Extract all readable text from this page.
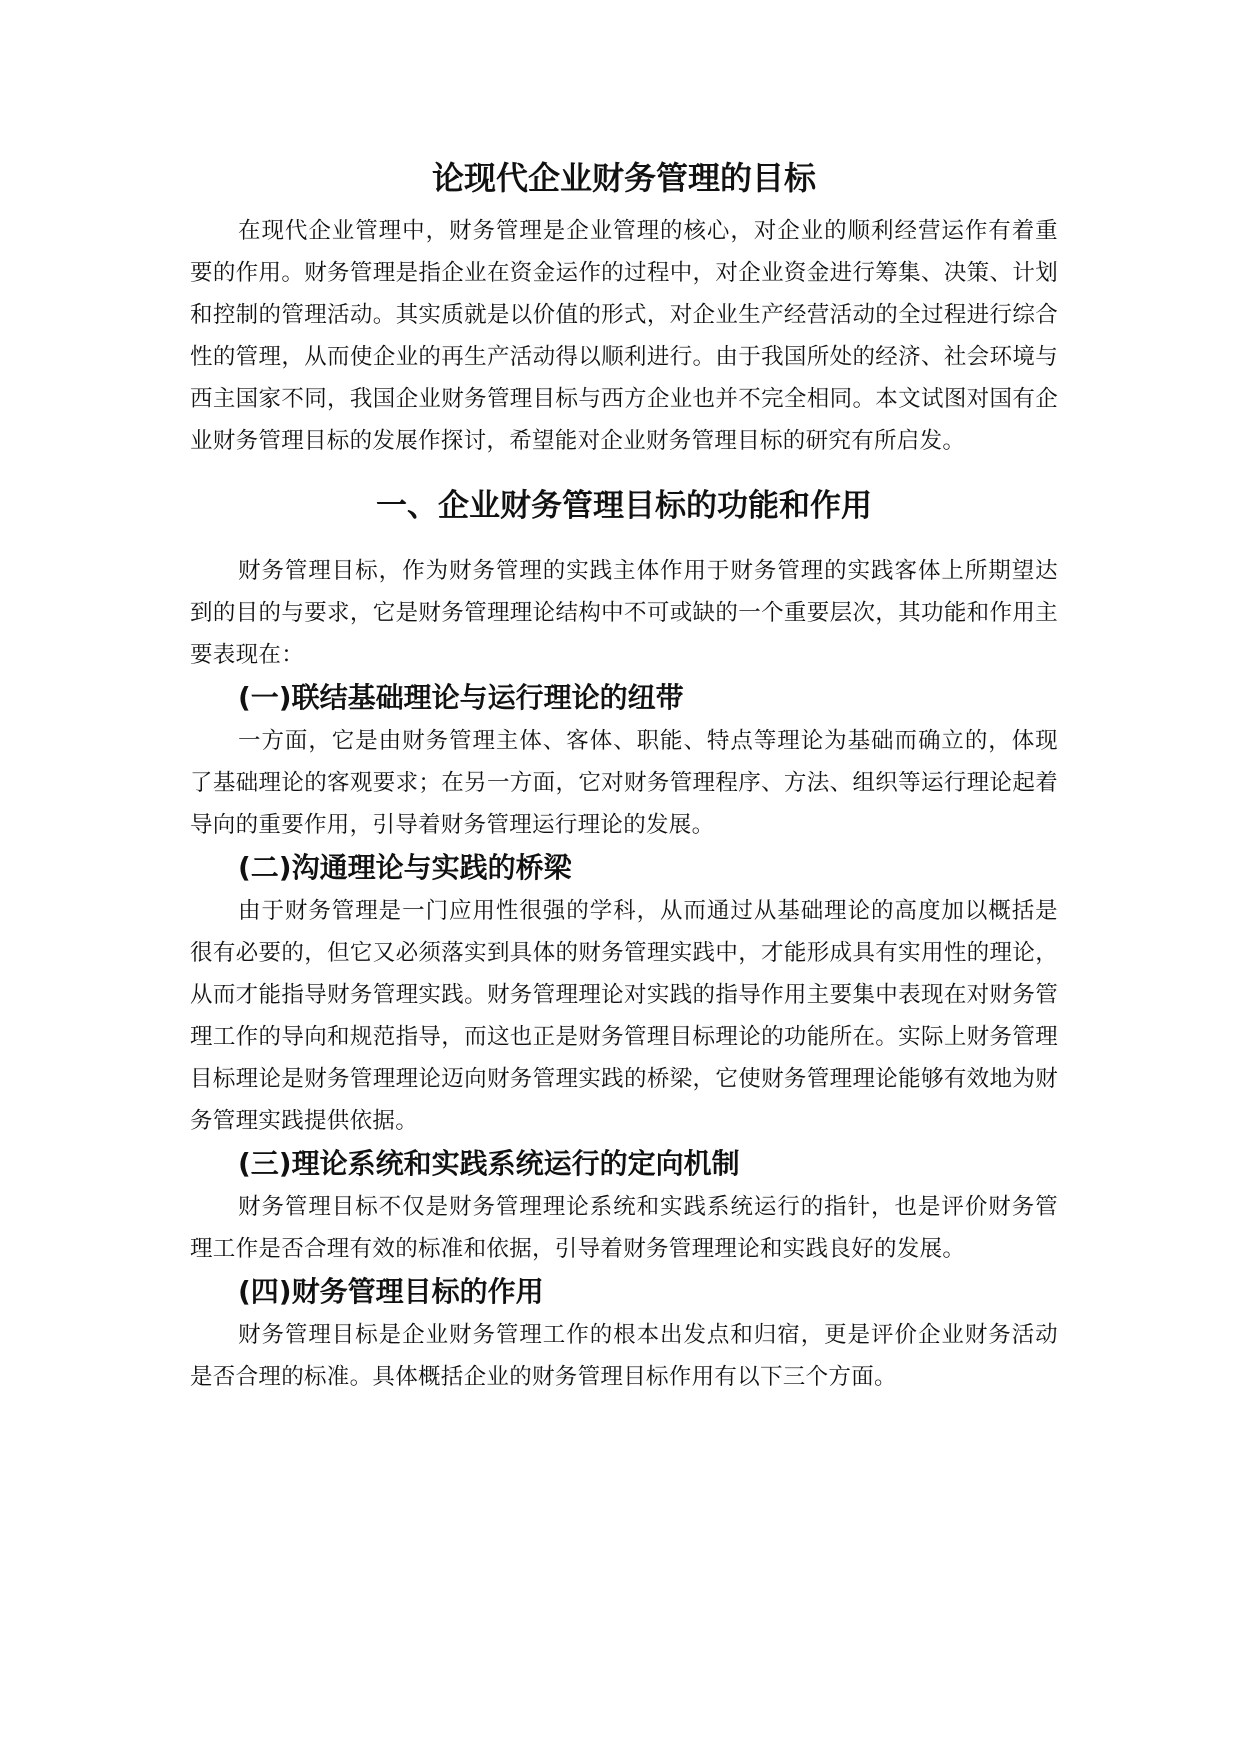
论现代企业财务管理的目标

在现代企业管理中，财务管理是企业管理的核心，对企业的顺利经营运作有着重要的作用。财务管理是指企业在资金运作的过程中，对企业资金进行筹集、决策、计划和控制的管理活动。其实质就是以价值的形式，对企业生产经营活动的全过程进行综合性的管理，从而使企业的再生产活动得以顺利进行。由于我国所处的经济、社会环境与西主国家不同，我国企业财务管理目标与西方企业也并不完全相同。本文试图对国有企业财务管理目标的发展作探讨，希望能对企业财务管理目标的研究有所启发。

一、企业财务管理目标的功能和作用

财务管理目标，作为财务管理的实践主体作用于财务管理的实践客体上所期望达到的目的与要求，它是财务管理理论结构中不可或缺的一个重要层次，其功能和作用主要表现在：

(一)联结基础理论与运行理论的纽带

一方面，它是由财务管理主体、客体、职能、特点等理论为基础而确立的，体现了基础理论的客观要求；在另一方面，它对财务管理程序、方法、组织等运行理论起着导向的重要作用，引导着财务管理运行理论的发展。

(二)沟通理论与实践的桥梁

由于财务管理是一门应用性很强的学科，从而通过从基础理论的高度加以概括是很有必要的，但它又必须落实到具体的财务管理实践中，才能形成具有实用性的理论，从而才能指导财务管理实践。财务管理理论对实践的指导作用主要集中表现在对财务管理工作的导向和规范指导，而这也正是财务管理目标理论的功能所在。实际上财务管理目标理论是财务管理理论迈向财务管理实践的桥梁，它使财务管理理论能够有效地为财务管理实践提供依据。

(三)理论系统和实践系统运行的定向机制

财务管理目标不仅是财务管理理论系统和实践系统运行的指针，也是评价财务管理工作是否合理有效的标准和依据，引导着财务管理理论和实践良好的发展。

(四)财务管理目标的作用

财务管理目标是企业财务管理工作的根本出发点和归宿，更是评价企业财务活动是否合理的标准。具体概括企业的财务管理目标作用有以下三个方面。
